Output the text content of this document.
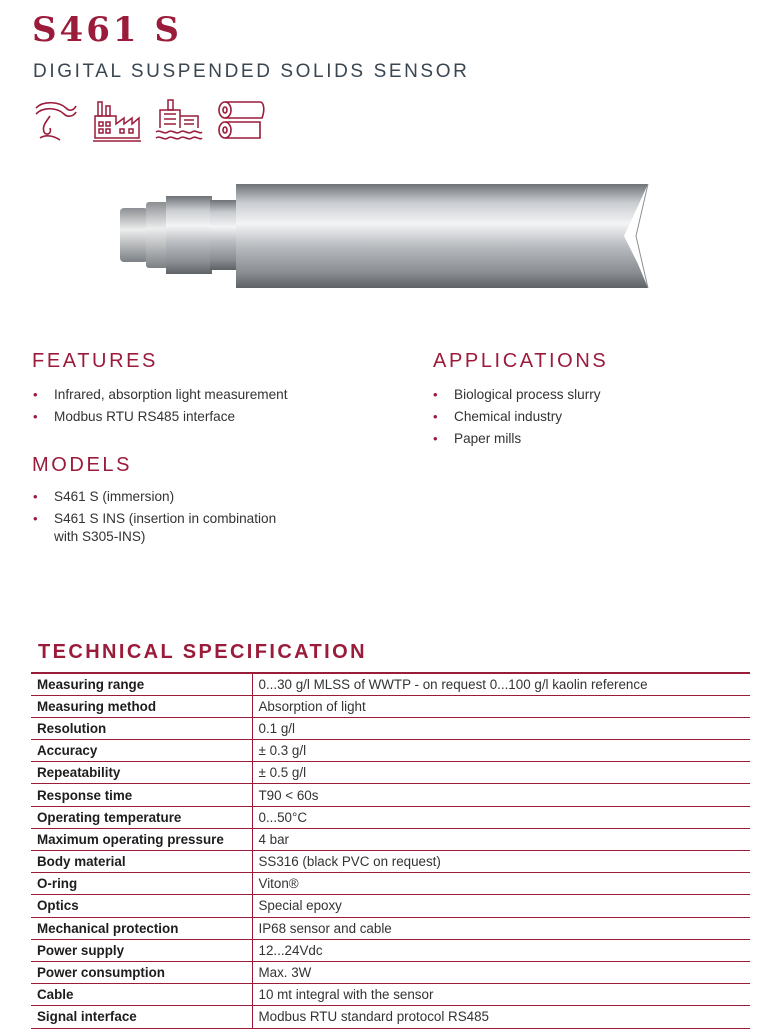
S461 S
DIGITAL SUSPENDED SOLIDS SENSOR
FEATURES
• Infrared, absorption light measurement
• Modbus RTU RS485 interface
APPLICATIONS
• Biological process slurry
• Chemical industry
• Paper mills
MODELS
• S461 S (immersion)
• S461 S INS (insertion in combination with S305-INS)
TECHNICAL SPECIFICATION
Measuring range	0...30 g/l MLSS of WWTP - on request 0...100 g/l kaolin reference
Measuring method	Absorption of light
Resolution	0.1 g/l
Accuracy	± 0.3 g/l
Repeatability	± 0.5 g/l
Response time	T90 < 60s
Operating temperature	0...50°C
Maximum operating pressure	4 bar
Body material	SS316 (black PVC on request)
O-ring	Viton®
Optics	Special epoxy
Mechanical protection	IP68 sensor and cable
Power supply	12...24Vdc
Power consumption	Max. 3W
Cable	10 mt integral with the sensor
Signal interface	Modbus RTU standard protocol RS485
